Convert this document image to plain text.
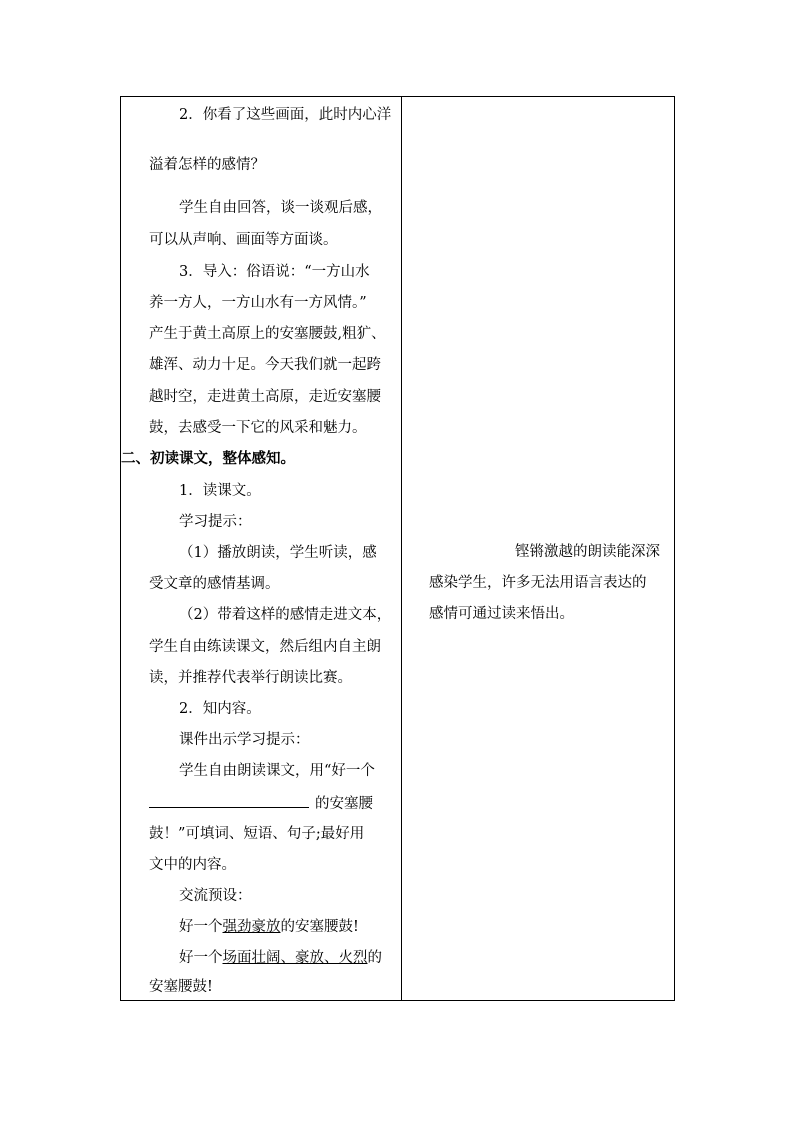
2．你看了这些画面，此时内心洋
溢着怎样的感情？
学生自由回答，谈一谈观后感，
可以从声响、画面等方面谈。
3．导入：俗语说：“一方山水
养一方人，一方山水有一方风情。”
产生于黄土高原上的安塞腰鼓,粗犷、
雄浑、动力十足。今天我们就一起跨
越时空，走进黄土高原，走近安塞腰
鼓，去感受一下它的风采和魅力。
二、初读课文，整体感知。
1．读课文。
学习提示：
（1）播放朗读，学生听读，感
受文章的感情基调。
（2）带着这样的感情走进文本，
学生自由练读课文，然后组内自主朗
读，并推荐代表举行朗读比赛。
2．知内容。
课件出示学习提示：
学生自由朗读课文，用“好一个
的安塞腰
鼓！”可填词、短语、句子;最好用
文中的内容。
交流预设：
好一个强劲豪放的安塞腰鼓!
好一个场面壮阔、豪放、火烈的
安塞腰鼓!
铿锵激越的朗读能深深
感染学生，许多无法用语言表达的
感情可通过读来悟出。
